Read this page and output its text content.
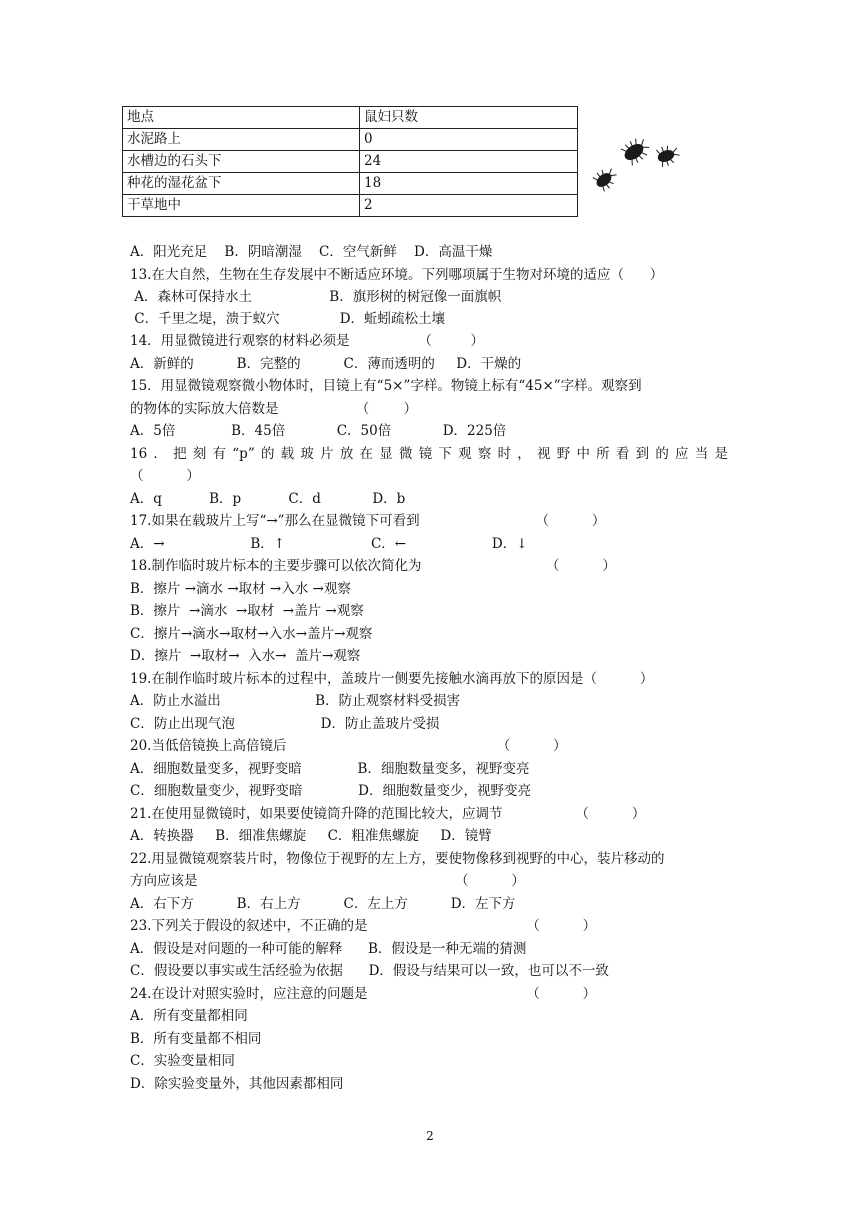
地点	鼠妇只数
水泥路上	0
水槽边的石头下	24
种花的湿花盆下	18
干草地中	2
A．阳光充足    B．阴暗潮湿    C．空气新鲜    D．高温干燥
13.在大自然，生物在生存发展中不断适应环境。下列哪项属于生物对环境的适应（      ）
A．森林可保持水土                  B．旗形树的树冠像一面旗帜
C．千里之堤，溃于蚁穴              D．蚯蚓疏松土壤
14．用显微镜进行观察的材料必须是                （         ）
A．新鲜的          B．完整的          C．薄而透明的     D．干燥的
15．用显微镜观察微小物体时，目镜上有“5×”字样。物镜上标有“45×”字样。观察到
的物体的实际放大倍数是                  （        ）
A．5倍             B．45倍            C．50倍            D．225倍
16．把刻有“p”的载玻片放在显微镜下观察时，视野中所看到的应当是
（          ）
A．q           B．p           C．d            D．b
17.如果在载玻片上写“→”那么在显微镜下可看到                           （          ）
A．→                    B．↑                    C．←                    D．↓
18.制作临时玻片标本的主要步骤可以依次简化为                             （          ）
B．擦片 →滴水 →取材 →入水 →观察
B．擦片  →滴水  →取材  →盖片 →观察
C．擦片→滴水→取材→入水→盖片→观察
D．擦片  →取材→  入水→  盖片→观察
19.在制作临时玻片标本的过程中，盖玻片一侧要先接触水滴再放下的原因是（          ）
A．防止水溢出                      B．防止观察材料受损害
C．防止出现气泡                    D．防止盖玻片受损
20.当低倍镜换上高倍镜后                                                 （          ）
A．细胞数量变多，视野变暗             B．细胞数量变多，视野变亮
C．细胞数量变少，视野变暗             D．细胞数量变少，视野变亮
21.在使用显微镜时，如果要使镜筒升降的范围比较大，应调节                 （          ）
A．转换器     B．细准焦螺旋     C．粗准焦螺旋     D．镜臂
22.用显微镜观察装片时，物像位于视野的左上方，要使物像移到视野的中心，装片移动的
方向应该是                                                            （          ）
A．右下方          B．右上方          C．左上方          D．左下方
23.下列关于假设的叙述中，不正确的是                                     （          ）
A．假设是对问题的一种可能的解释      B．假设是一种无端的猜测
C．假设要以事实或生活经验为依据      D．假设与结果可以一致，也可以不一致
24.在设计对照实验时，应注意的问题是                                     （          ）
A．所有变量都相同
B．所有变量都不相同
C．实验变量相同
D．除实验变量外，其他因素都相同
2
